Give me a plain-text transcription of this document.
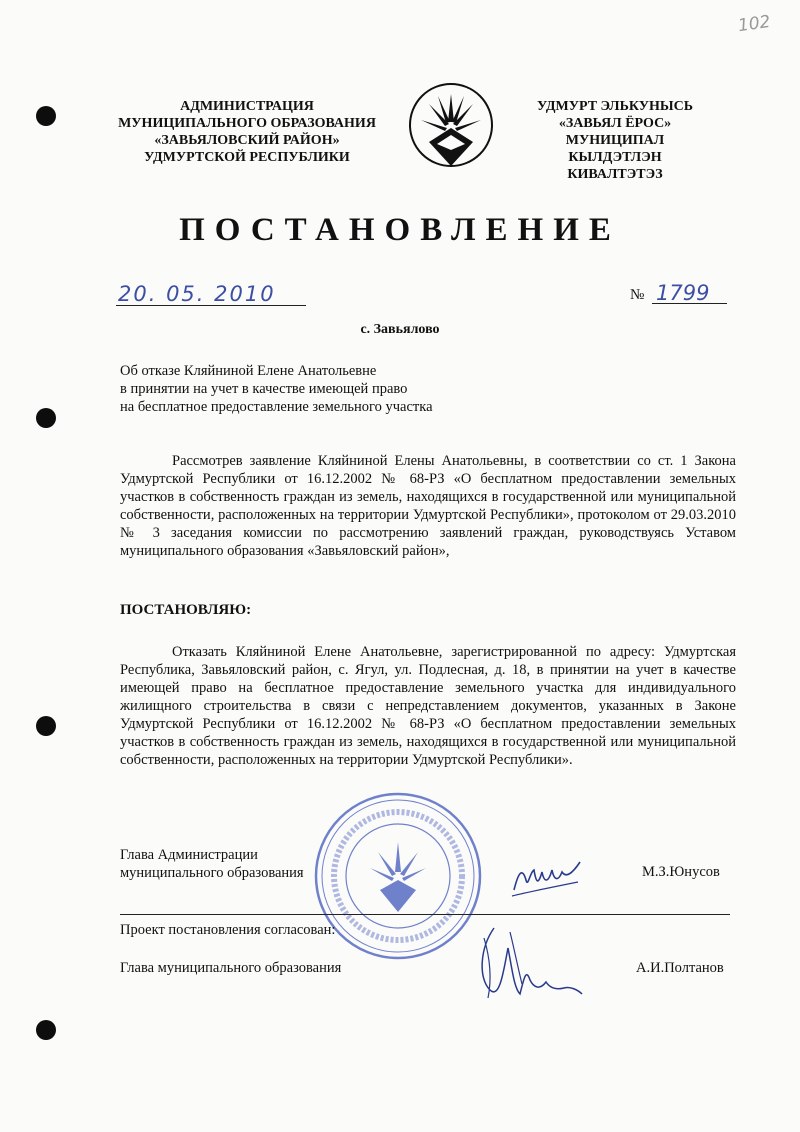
102
АДМИНИСТРАЦИЯ
МУНИЦИПАЛЬНОГО ОБРАЗОВАНИЯ
«ЗАВЬЯЛОВСКИЙ РАЙОН»
УДМУРТСКОЙ РЕСПУБЛИКИ
УДМУРТ ЭЛЬКУНЫСЬ
«ЗАВЬЯЛ ЁРОС»
МУНИЦИПАЛ КЫЛДЭТЛЭН
КИВАЛТЭТЭЗ
ПОСТАНОВЛЕНИЕ
20. 05. 2010	№ 1799
с. Завьялово
Об отказе Кляйниной Елене Анатольевне
в принятии на учет в качестве имеющей право
на бесплатное предоставление земельного участка
Рассмотрев заявление Кляйниной Елены Анатольевны, в соответствии со ст. 1 Закона Удмуртской Республики от 16.12.2002 № 68-РЗ «О бесплатном предоставлении земельных участков в собственность граждан из земель, находящихся в государственной или муниципальной собственности, расположенных на территории Удмуртской Республики», протоколом от 29.03.2010 № 3 заседания комиссии по рассмотрению заявлений граждан, руководствуясь Уставом муниципального образования «Завьяловский район»,
ПОСТАНОВЛЯЮ:
Отказать Кляйниной Елене Анатольевне, зарегистрированной по адресу: Удмуртская Республика, Завьяловский район, с. Ягул, ул. Подлесная, д. 18, в принятии на учет в качестве имеющей право на бесплатное предоставление земельного участка для индивидуального жилищного строительства в связи с непредставлением документов, указанных в Законе Удмуртской Республики от 16.12.2002 № 68-РЗ «О бесплатном предоставлении земельных участков в собственность граждан из земель, находящихся в государственной или муниципальной собственности, расположенных на территории Удмуртской Республики».
Глава Администрации
муниципального образования	М.З.Юнусов
Проект постановления согласован:
Глава муниципального образования	А.И.Полтанов
